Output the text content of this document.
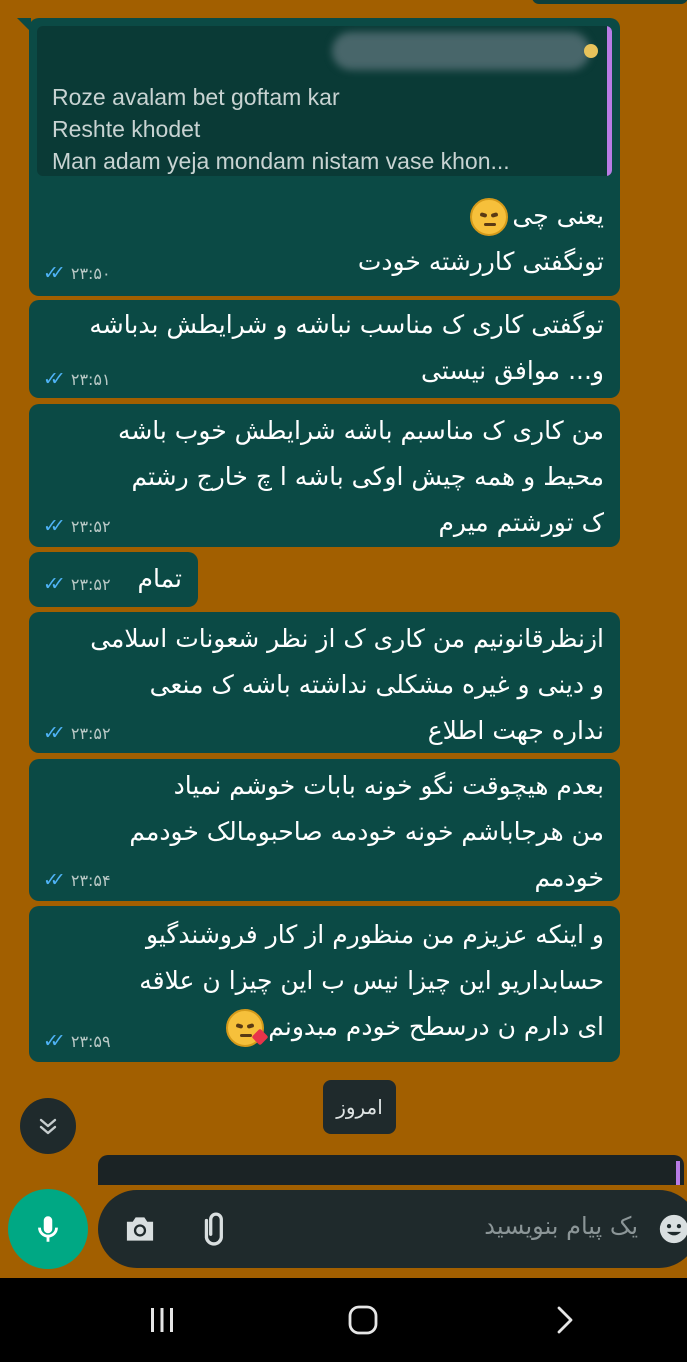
Roze avalam bet goftam kar
Reshte khodet
Man adam yeja mondam nistam vase khon...
یعنی چی
تونگفتی کاررشته خودت
✓✓ ۲۳:۵۰
توگفتی کاری ک مناسب نباشه و شرایطش بدباشه
و... موافق نیستی
✓✓ ۲۳:۵۱
من کاری ک مناسبم باشه شرایطش خوب باشه
محیط و همه چیش اوکی باشه ا چ خارج رشتم
ک تورشتم میرم
✓✓ ۲۳:۵۲
تمام
✓✓ ۲۳:۵۲
ازنظرقانونیم من کاری ک از نظر شعونات اسلامی
و دینی و غیره مشکلی نداشته باشه ک منعی
نداره جهت اطلاع
✓✓ ۲۳:۵۲
بعدم هیچوقت نگو خونه بابات خوشم نمیاد
من هرجاباشم خونه خودمه صاحبومالک خودمم
خودمم
✓✓ ۲۳:۵۴
و اینکه عزیزم من منظورم از کار فروشندگیو
حسابداریو این چیزا نیس ب این چیزا ن علاقه
ای دارم ن درسطح خودم مبدونم
✓✓ ۲۳:۵۹
امروز
یک پیام بنویسید
